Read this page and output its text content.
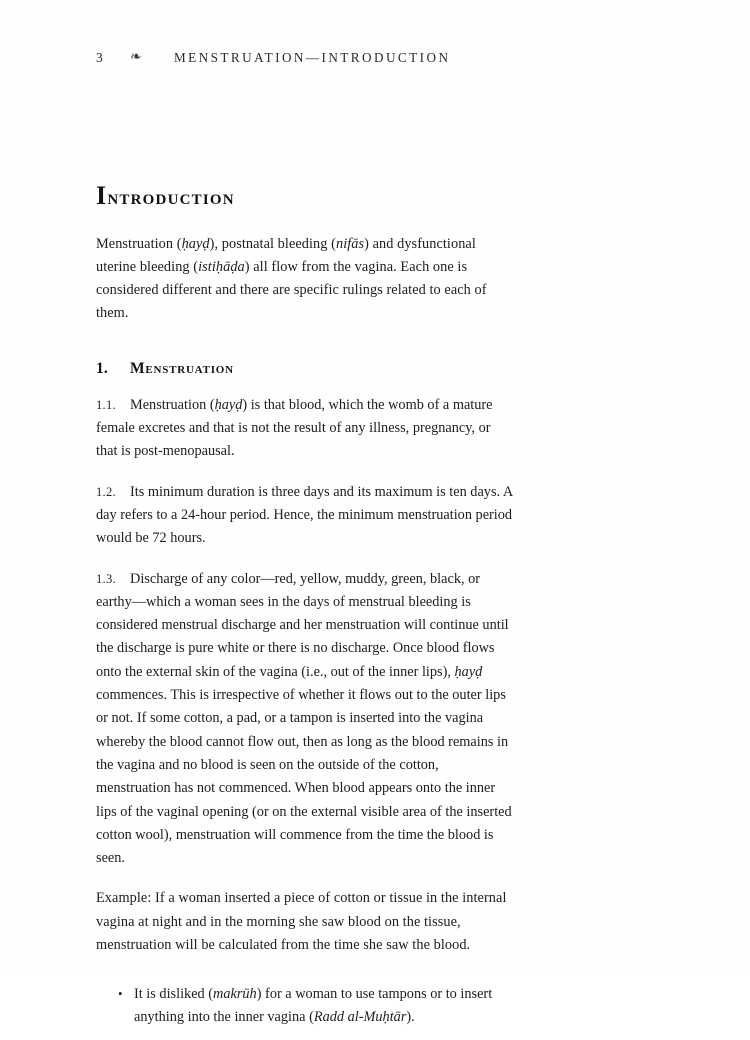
3	❧	MENSTRUATION—INTRODUCTION
Introduction

Menstruation (ḥayḍ), postnatal bleeding (nifās) and dysfunctional uterine bleeding (istiḥāḍa) all flow from the vagina. Each one is considered different and there are specific rulings related to each of them.

1.	Menstruation

1.1. Menstruation (ḥayḍ) is that blood, which the womb of a mature female excretes and that is not the result of any illness, pregnancy, or that is post-menopausal.

1.2. Its minimum duration is three days and its maximum is ten days. A day refers to a 24-hour period. Hence, the minimum menstruation period would be 72 hours.

1.3. Discharge of any color—red, yellow, muddy, green, black, or earthy—which a woman sees in the days of menstrual bleeding is considered menstrual discharge and her menstruation will continue until the discharge is pure white or there is no discharge. Once blood flows onto the external skin of the vagina (i.e., out of the inner lips), ḥayḍ commences. This is irrespective of whether it flows out to the outer lips or not. If some cotton, a pad, or a tampon is inserted into the vagina whereby the blood cannot flow out, then as long as the blood remains in the vagina and no blood is seen on the outside of the cotton, menstruation has not commenced. When blood appears onto the inner lips of the vaginal opening (or on the external visible area of the inserted cotton wool), menstruation will commence from the time the blood is seen.

Example: If a woman inserted a piece of cotton or tissue in the internal vagina at night and in the morning she saw blood on the tissue, menstruation will be calculated from the time she saw the blood.

• It is disliked (makrūh) for a woman to use tampons or to insert anything into the inner vagina (Radd al-Muḥtār).
